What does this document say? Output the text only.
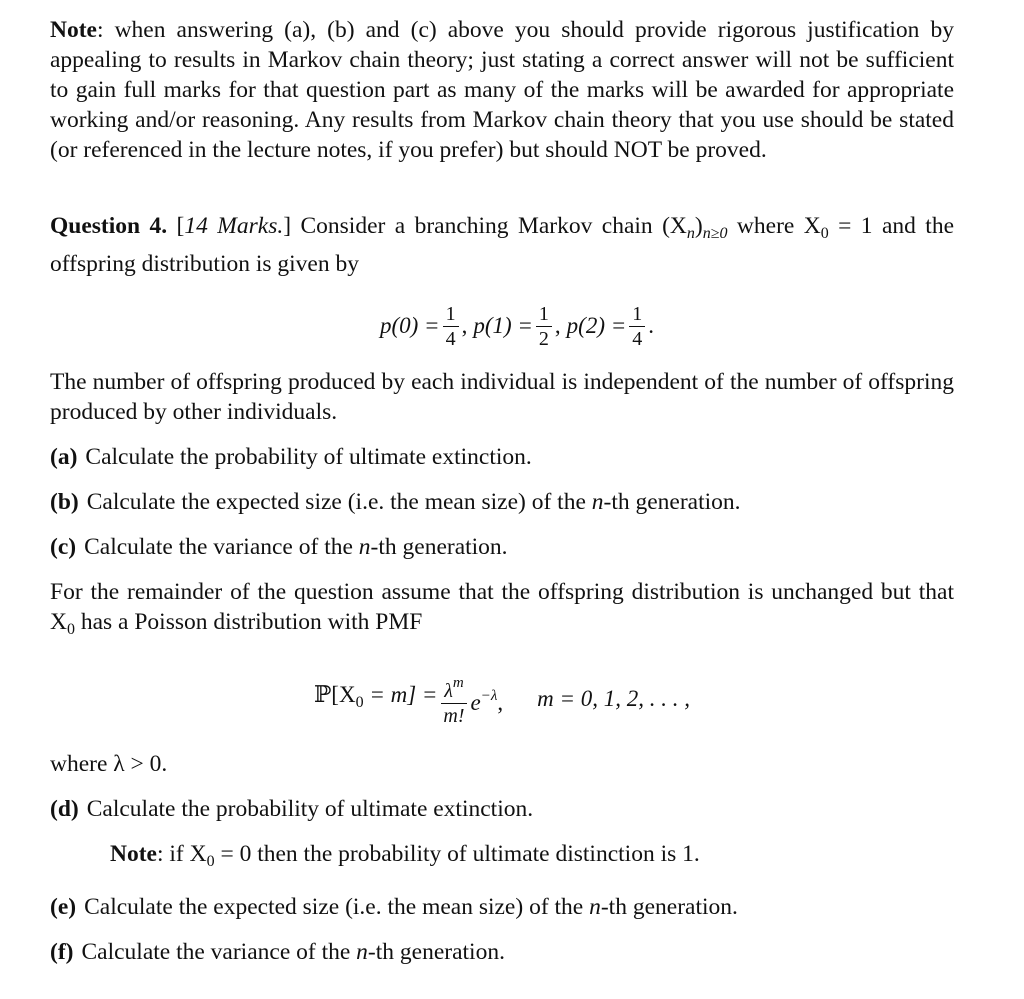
Note: when answering (a), (b) and (c) above you should provide rigorous justification by appealing to results in Markov chain theory; just stating a correct answer will not be sufficient to gain full marks for that question part as many of the marks will be awarded for appropriate working and/or reasoning. Any results from Markov chain theory that you use should be stated (or referenced in the lecture notes, if you prefer) but should NOT be proved.

Question 4. [14 Marks.] Consider a branching Markov chain $(X_n)_{n\ge 0}$ where $X_0 = 1$ and the offspring distribution is given by

$p(0) = \frac{1}{4}$ , $p(1) = \frac{1}{2}$ , $p(2) = \frac{1}{4}$ .

The number of offspring produced by each individual is independent of the number of offspring produced by other individuals.

(a) Calculate the probability of ultimate extinction.
(b) Calculate the expected size (i.e. the mean size) of the n-th generation.
(c) Calculate the variance of the n-th generation.

For the remainder of the question assume that the offspring distribution is unchanged but that $X_0$ has a Poisson distribution with PMF

$ℙ[X_0 = m] = \frac{\lambda^m}{m!} e^{-\lambda}$, m = 0, 1, 2, . . . ,

where λ > 0.

(d) Calculate the probability of ultimate extinction.
Note: if $X_0 = 0$ then the probability of ultimate distinction is 1.
(e) Calculate the expected size (i.e. the mean size) of the n-th generation.
(f) Calculate the variance of the n-th generation.
